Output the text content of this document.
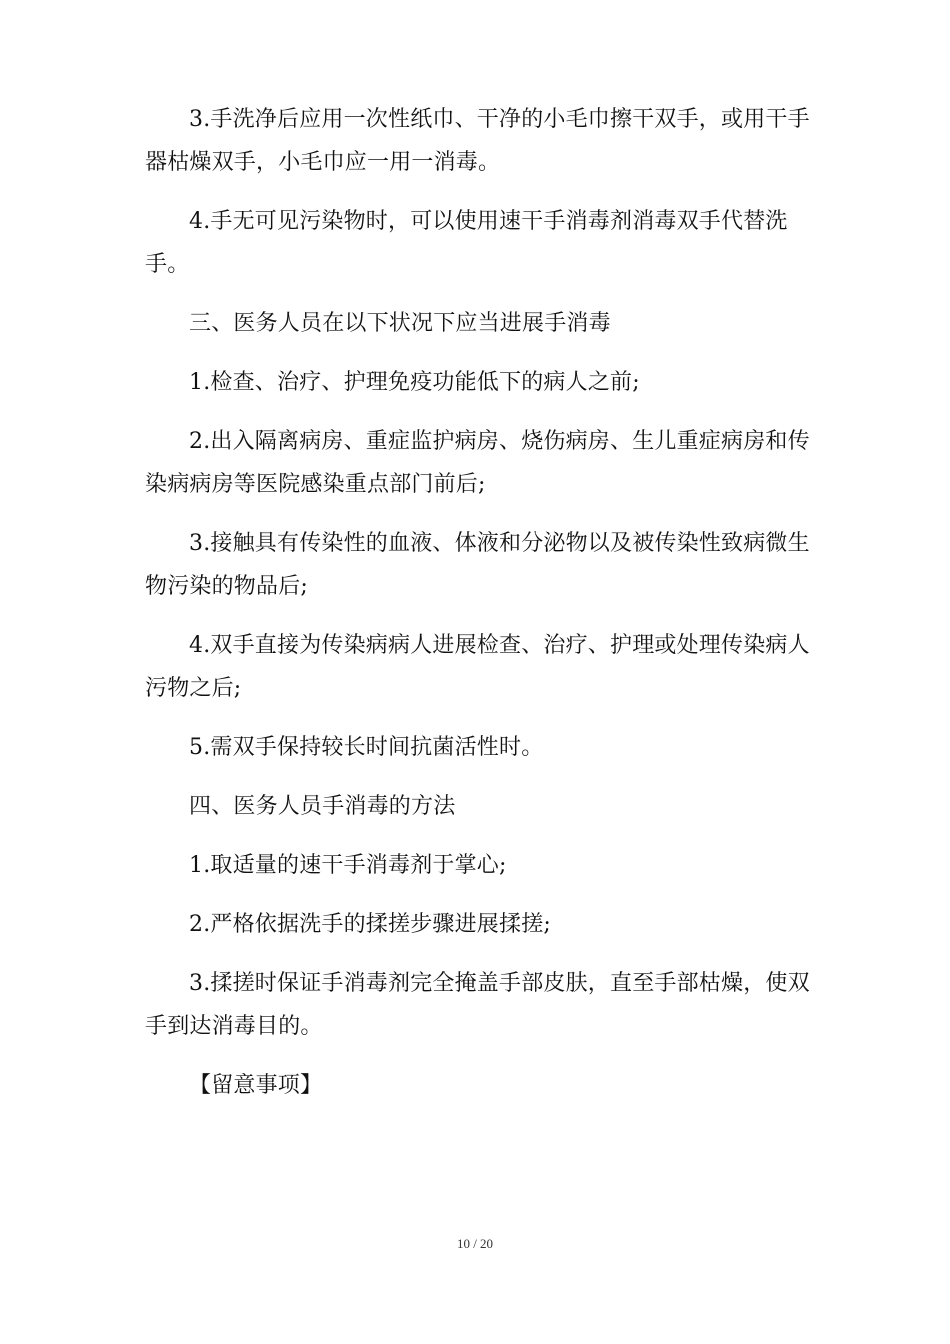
3.手洗净后应用一次性纸巾、干净的小毛巾擦干双手，或用干手器枯燥双手，小毛巾应一用一消毒。

4.手无可见污染物时，可以使用速干手消毒剂消毒双手代替洗手。

三、医务人员在以下状况下应当进展手消毒

1.检查、治疗、护理免疫功能低下的病人之前;

2.出入隔离病房、重症监护病房、烧伤病房、生儿重症病房和传染病病房等医院感染重点部门前后;

3.接触具有传染性的血液、体液和分泌物以及被传染性致病微生物污染的物品后;

4.双手直接为传染病病人进展检查、治疗、护理或处理传染病人污物之后;

5.需双手保持较长时间抗菌活性时。

四、医务人员手消毒的方法

1.取适量的速干手消毒剂于掌心;

2.严格依据洗手的揉搓步骤进展揉搓;

3.揉搓时保证手消毒剂完全掩盖手部皮肤，直至手部枯燥，使双手到达消毒目的。

【留意事项】

10 / 20
